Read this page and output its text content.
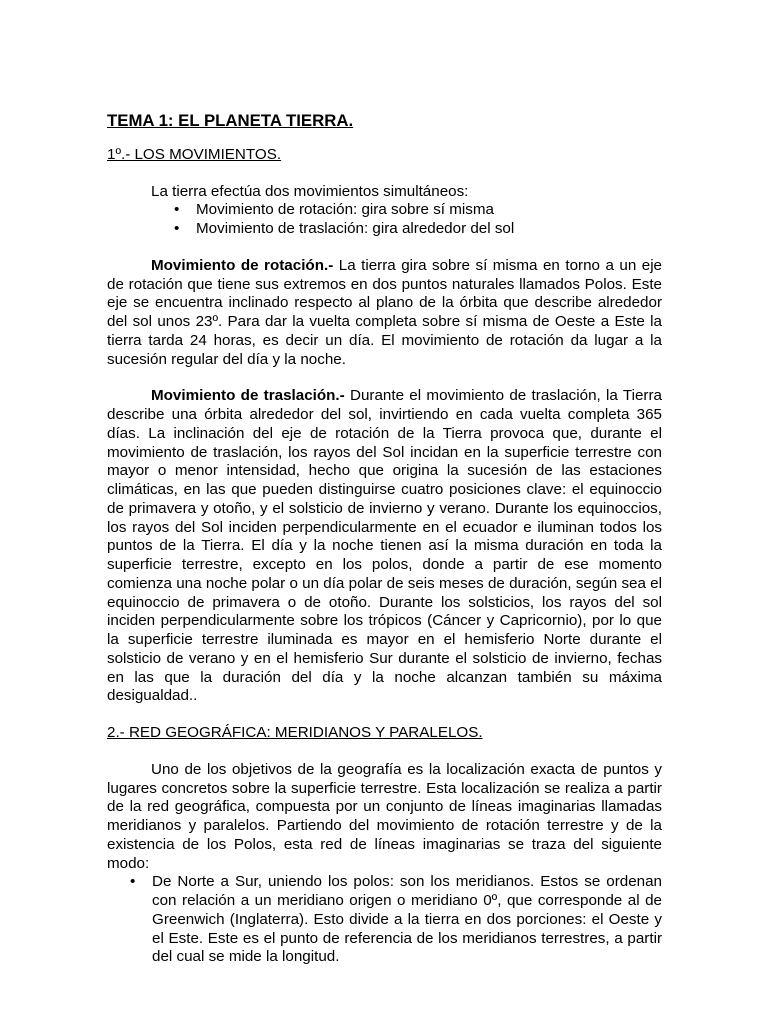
TEMA 1: EL PLANETA TIERRA.

1º.- LOS MOVIMIENTOS.

La tierra efectúa dos movimientos simultáneos:

• Movimiento de rotación: gira sobre sí misma
• Movimiento de traslación: gira alrededor del sol

Movimiento de rotación.- La tierra gira sobre sí misma en torno a un eje de rotación que tiene sus extremos en dos puntos naturales llamados Polos. Este eje se encuentra inclinado respecto al plano de la órbita que describe alrededor del sol unos 23º. Para dar la vuelta completa sobre sí misma de Oeste a Este la tierra tarda 24 horas, es decir un día. El movimiento de rotación da lugar a la sucesión regular del día y la noche.

Movimiento de traslación.- Durante el movimiento de traslación, la Tierra describe una órbita alrededor del sol, invirtiendo en cada vuelta completa 365 días. La inclinación del eje de rotación de la Tierra provoca que, durante el movimiento de traslación, los rayos del Sol incidan en la superficie terrestre con mayor o menor intensidad, hecho que origina la sucesión de las estaciones climáticas, en las que pueden distinguirse cuatro posiciones clave: el equinoccio de primavera y otoño, y el solsticio de invierno y verano. Durante los equinoccios, los rayos del Sol inciden perpendicularmente en el ecuador e iluminan todos los puntos de la Tierra. El día y la noche tienen así la misma duración en toda la superficie terrestre, excepto en los polos, donde a partir de ese momento comienza una noche polar o un día polar de seis meses de duración, según sea el equinoccio de primavera o de otoño. Durante los solsticios, los rayos del sol inciden perpendicularmente sobre los trópicos (Cáncer y Capricornio), por lo que la superficie terrestre iluminada es mayor en el hemisferio Norte durante el solsticio de verano y en el hemisferio Sur durante el solsticio de invierno, fechas en las que la duración del día y la noche alcanzan también su máxima desigualdad..

2.- RED GEOGRÁFICA: MERIDIANOS Y PARALELOS.

Uno de los objetivos de la geografía es la localización exacta de puntos y lugares concretos sobre la superficie terrestre. Esta localización se realiza a partir de la red geográfica, compuesta por un conjunto de líneas imaginarias llamadas meridianos y paralelos. Partiendo del movimiento de rotación terrestre y de la existencia de los Polos, esta red de líneas imaginarias se traza del siguiente modo:

• De Norte a Sur, uniendo los polos: son los meridianos. Estos se ordenan con relación a un meridiano origen o meridiano 0º, que corresponde al de Greenwich (Inglaterra). Esto divide a la tierra en dos porciones: el Oeste y el Este. Este es el punto de referencia de los meridianos terrestres, a partir del cual se mide la longitud.
